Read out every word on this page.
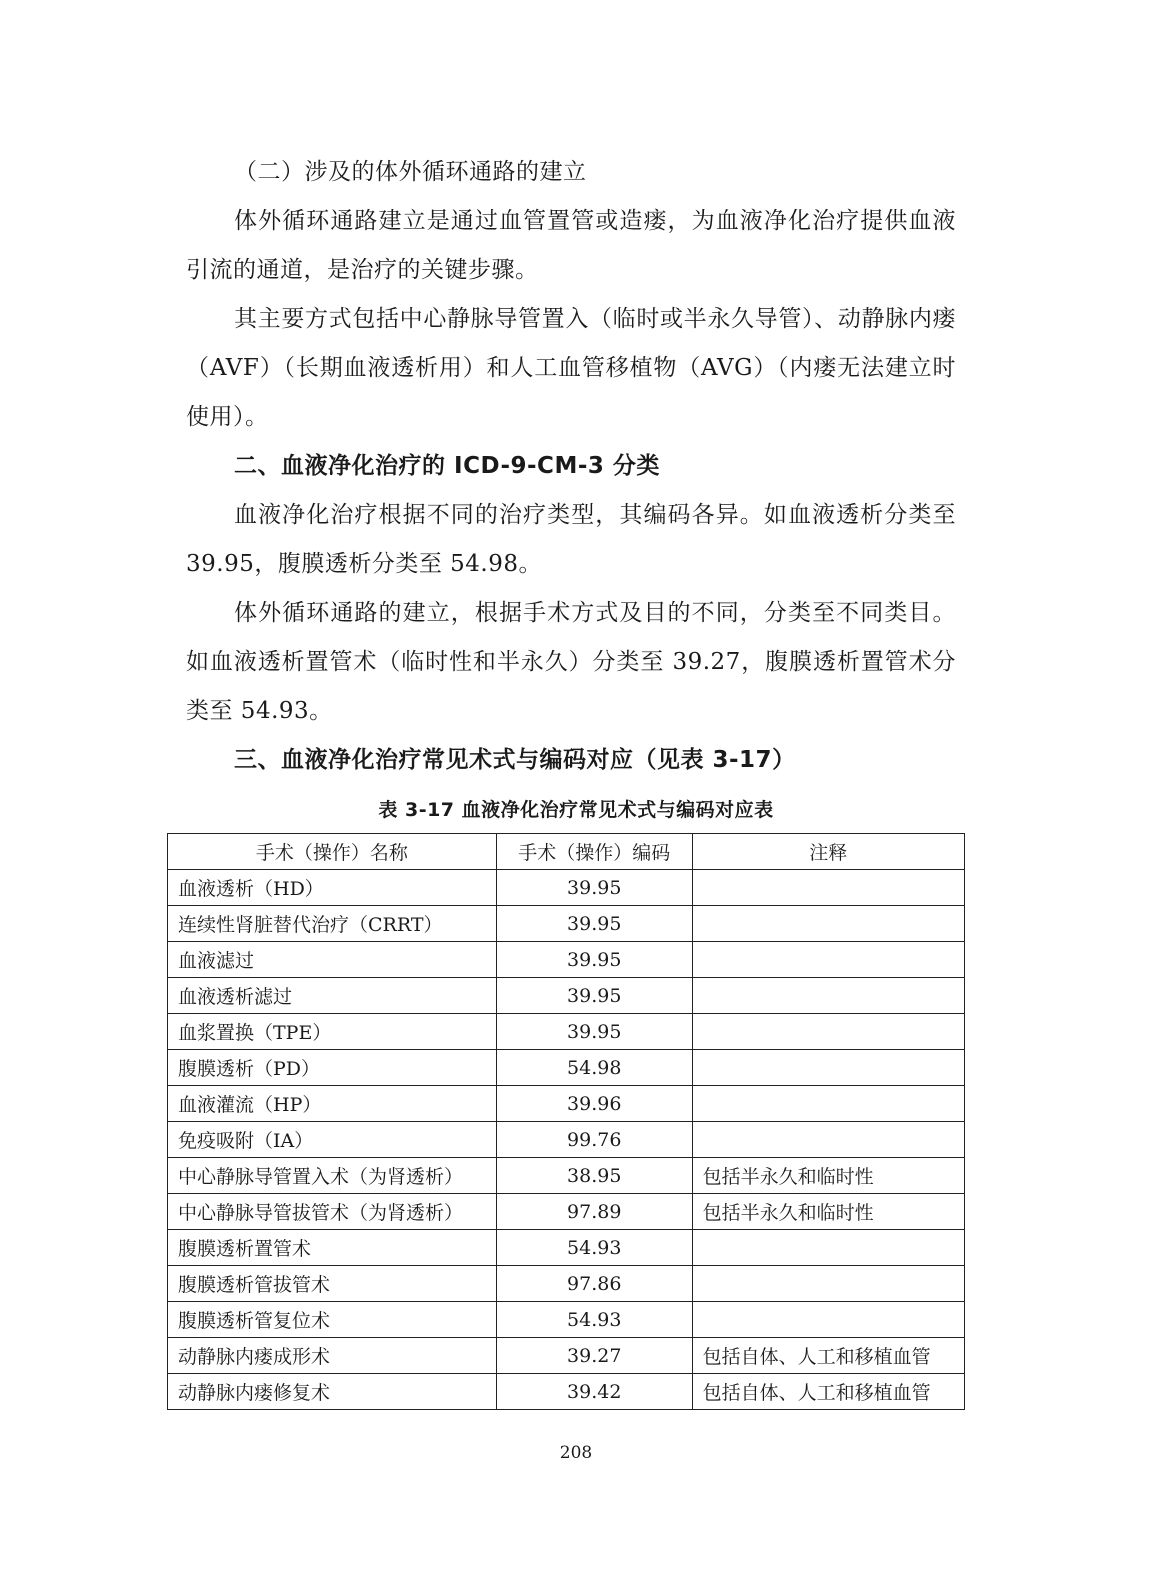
（二）涉及的体外循环通路的建立

体外循环通路建立是通过血管置管或造瘘，为血液净化治疗提供血液引流的通道，是治疗的关键步骤。

其主要方式包括中心静脉导管置入（临时或半永久导管）、动静脉内瘘（AVF）（长期血液透析用）和人工血管移植物（AVG）（内瘘无法建立时使用）。

二、血液净化治疗的 ICD-9-CM-3 分类

血液净化治疗根据不同的治疗类型，其编码各异。如血液透析分类至 39.95，腹膜透析分类至 54.98。

体外循环通路的建立，根据手术方式及目的不同，分类至不同类目。如血液透析置管术（临时性和半永久）分类至 39.27，腹膜透析置管术分类至 54.93。

三、血液净化治疗常见术式与编码对应（见表 3-17）

表 3-17 血液净化治疗常见术式与编码对应表
手术（操作）名称	手术（操作）编码	注释
血液透析（HD）	39.95	
连续性肾脏替代治疗（CRRT）	39.95	
血液滤过	39.95	
血液透析滤过	39.95	
血浆置换（TPE）	39.95	
腹膜透析（PD）	54.98	
血液灌流（HP）	39.96	
免疫吸附（IA）	99.76	
中心静脉导管置入术（为肾透析）	38.95	包括半永久和临时性
中心静脉导管拔管术（为肾透析）	97.89	包括半永久和临时性
腹膜透析置管术	54.93	
腹膜透析管拔管术	97.86	
腹膜透析管复位术	54.93	
动静脉内瘘成形术	39.27	包括自体、人工和移植血管
动静脉内瘘修复术	39.42	包括自体、人工和移植血管
208
